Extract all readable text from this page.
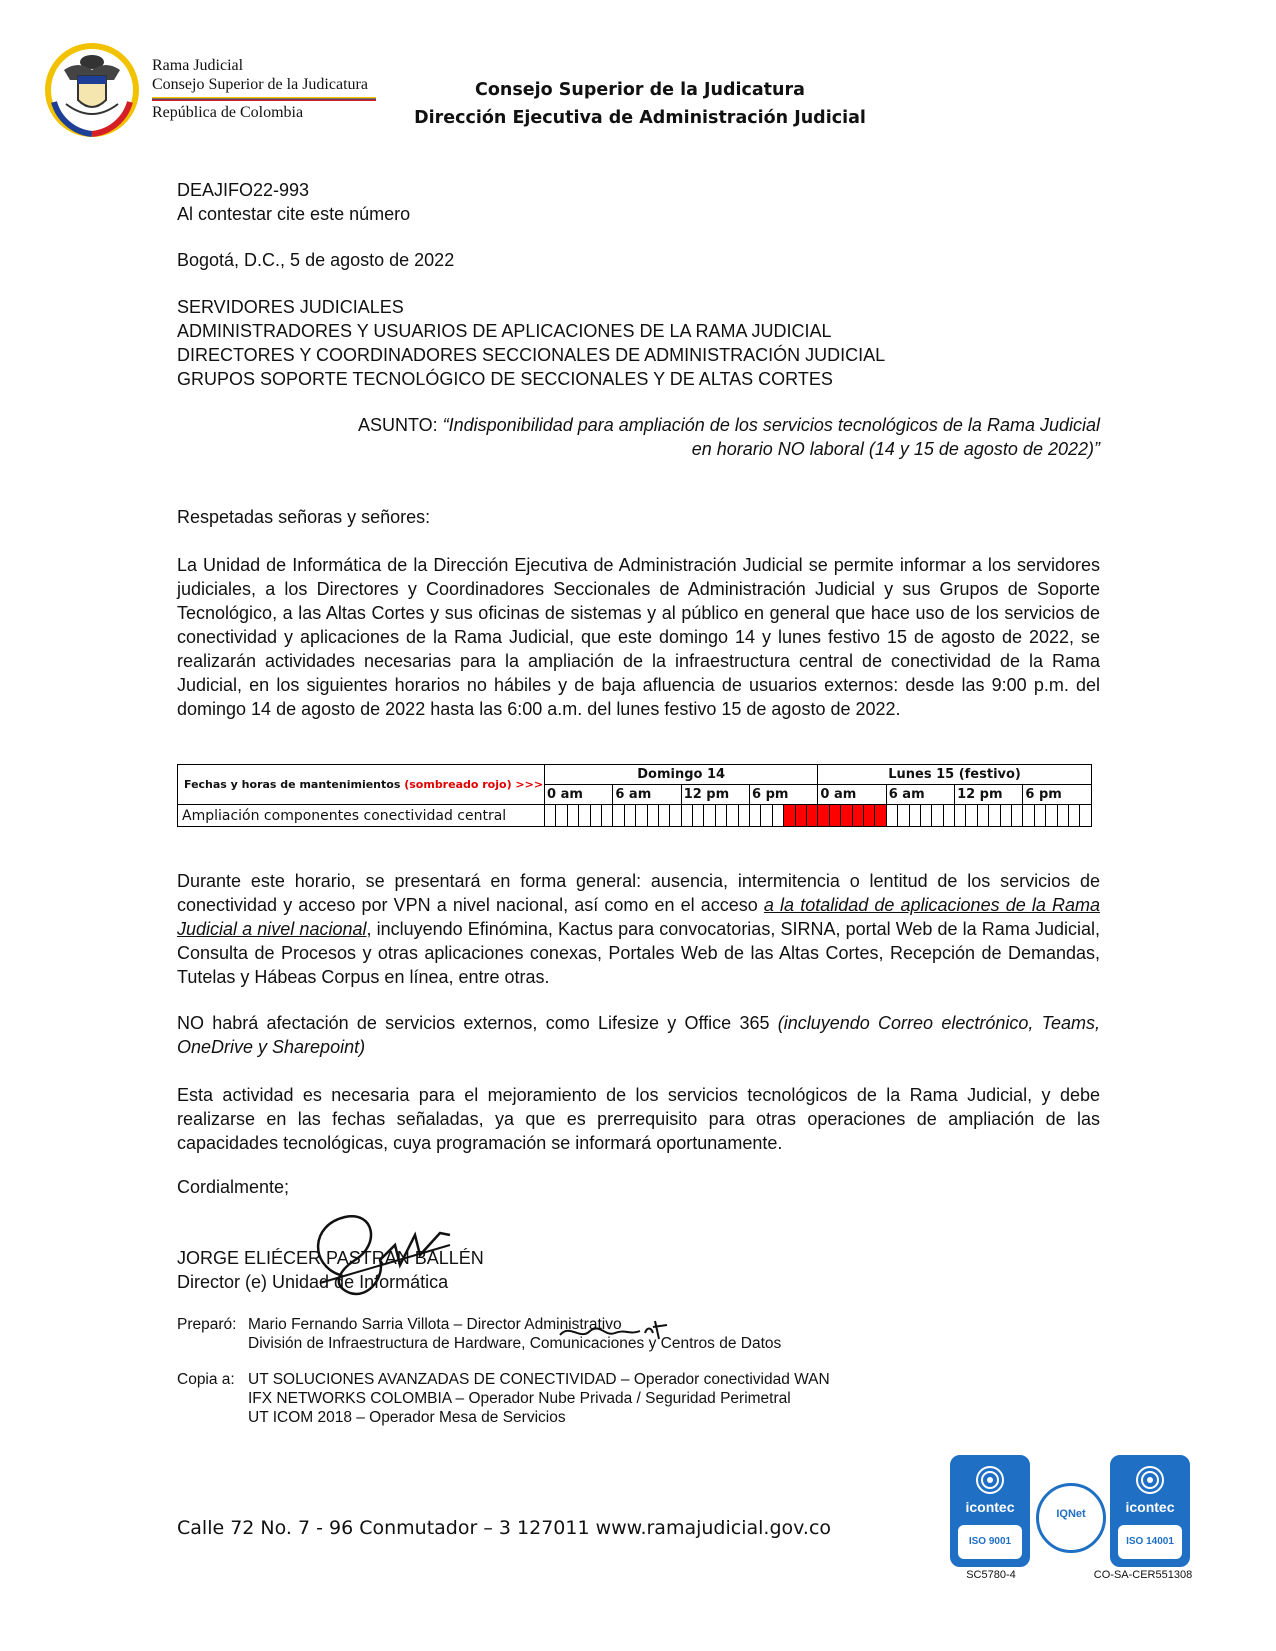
Rama Judicial
Consejo Superior de la Judicatura
República de Colombia
Consejo Superior de la Judicatura
Dirección Ejecutiva de Administración Judicial
DEAJIFO22-993
Al contestar cite este número
Bogotá, D.C., 5 de agosto de 2022
SERVIDORES JUDICIALES
ADMINISTRADORES Y USUARIOS DE APLICACIONES DE LA RAMA JUDICIAL
DIRECTORES Y COORDINADORES SECCIONALES DE ADMINISTRACIÓN JUDICIAL
GRUPOS SOPORTE TECNOLÓGICO DE SECCIONALES Y DE ALTAS CORTES
ASUNTO: “Indisponibilidad para ampliación de los servicios tecnológicos de la Rama Judicial
en horario NO laboral (14 y 15 de agosto de 2022)”
Respetadas señoras y señores:
La Unidad de Informática de la Dirección Ejecutiva de Administración Judicial se permite informar a los servidores judiciales, a los Directores y Coordinadores Seccionales de Administración Judicial y sus Grupos de Soporte Tecnológico, a las Altas Cortes y sus oficinas de sistemas y al público en general que hace uso de los servicios de conectividad y aplicaciones de la Rama Judicial, que este domingo 14 y lunes festivo 15 de agosto de 2022, se realizarán actividades necesarias para la ampliación de la infraestructura central de conectividad de la Rama Judicial, en los siguientes horarios no hábiles y de baja afluencia de usuarios externos: desde las 9:00 p.m. del domingo 14 de agosto de 2022 hasta las 6:00 a.m. del lunes festivo 15 de agosto de 2022.
Fechas y horas de mantenimientos (sombreado rojo) >>>	Domingo 14																								Lunes 15 (festivo)																							
	0 am						6 am						12 pm						6 pm						0 am						6 am						12 pm						6 pm					
Ampliación componentes conectividad central																																																
Durante este horario, se presentará en forma general: ausencia, intermitencia o lentitud de los servicios de conectividad y acceso por VPN a nivel nacional, así como en el acceso a la totalidad de aplicaciones de la Rama Judicial a nivel nacional, incluyendo Efinómina, Kactus para convocatorias, SIRNA, portal Web de la Rama Judicial, Consulta de Procesos y otras aplicaciones conexas, Portales Web de las Altas Cortes, Recepción de Demandas, Tutelas y Hábeas Corpus en línea, entre otras.
NO habrá afectación de servicios externos, como Lifesize y Office 365 (incluyendo Correo electrónico, Teams, OneDrive y Sharepoint)
Esta actividad es necesaria para el mejoramiento de los servicios tecnológicos de la Rama Judicial, y debe realizarse en las fechas señaladas, ya que es prerrequisito para otras operaciones de ampliación de las capacidades tecnológicas, cuya programación se informará oportunamente.
Cordialmente;
JORGE ELIÉCER PASTRÁN BALLÉN
Director (e) Unidad de Informática
Preparó: Mario Fernando Sarria Villota – Director Administrativo
División de Infraestructura de Hardware, Comunicaciones y Centros de Datos
Copia a: UT SOLUCIONES AVANZADAS DE CONECTIVIDAD – Operador conectividad WAN
IFX NETWORKS COLOMBIA – Operador Nube Privada / Seguridad Perimetral
UT ICOM 2018 – Operador Mesa de Servicios
Calle 72 No. 7 - 96 Conmutador – 3 127011 www.ramajudicial.gov.co
icontec
ISO 9001
SC5780-4
IQNet	icontec
ISO 14001
CO-SA-CER551308
